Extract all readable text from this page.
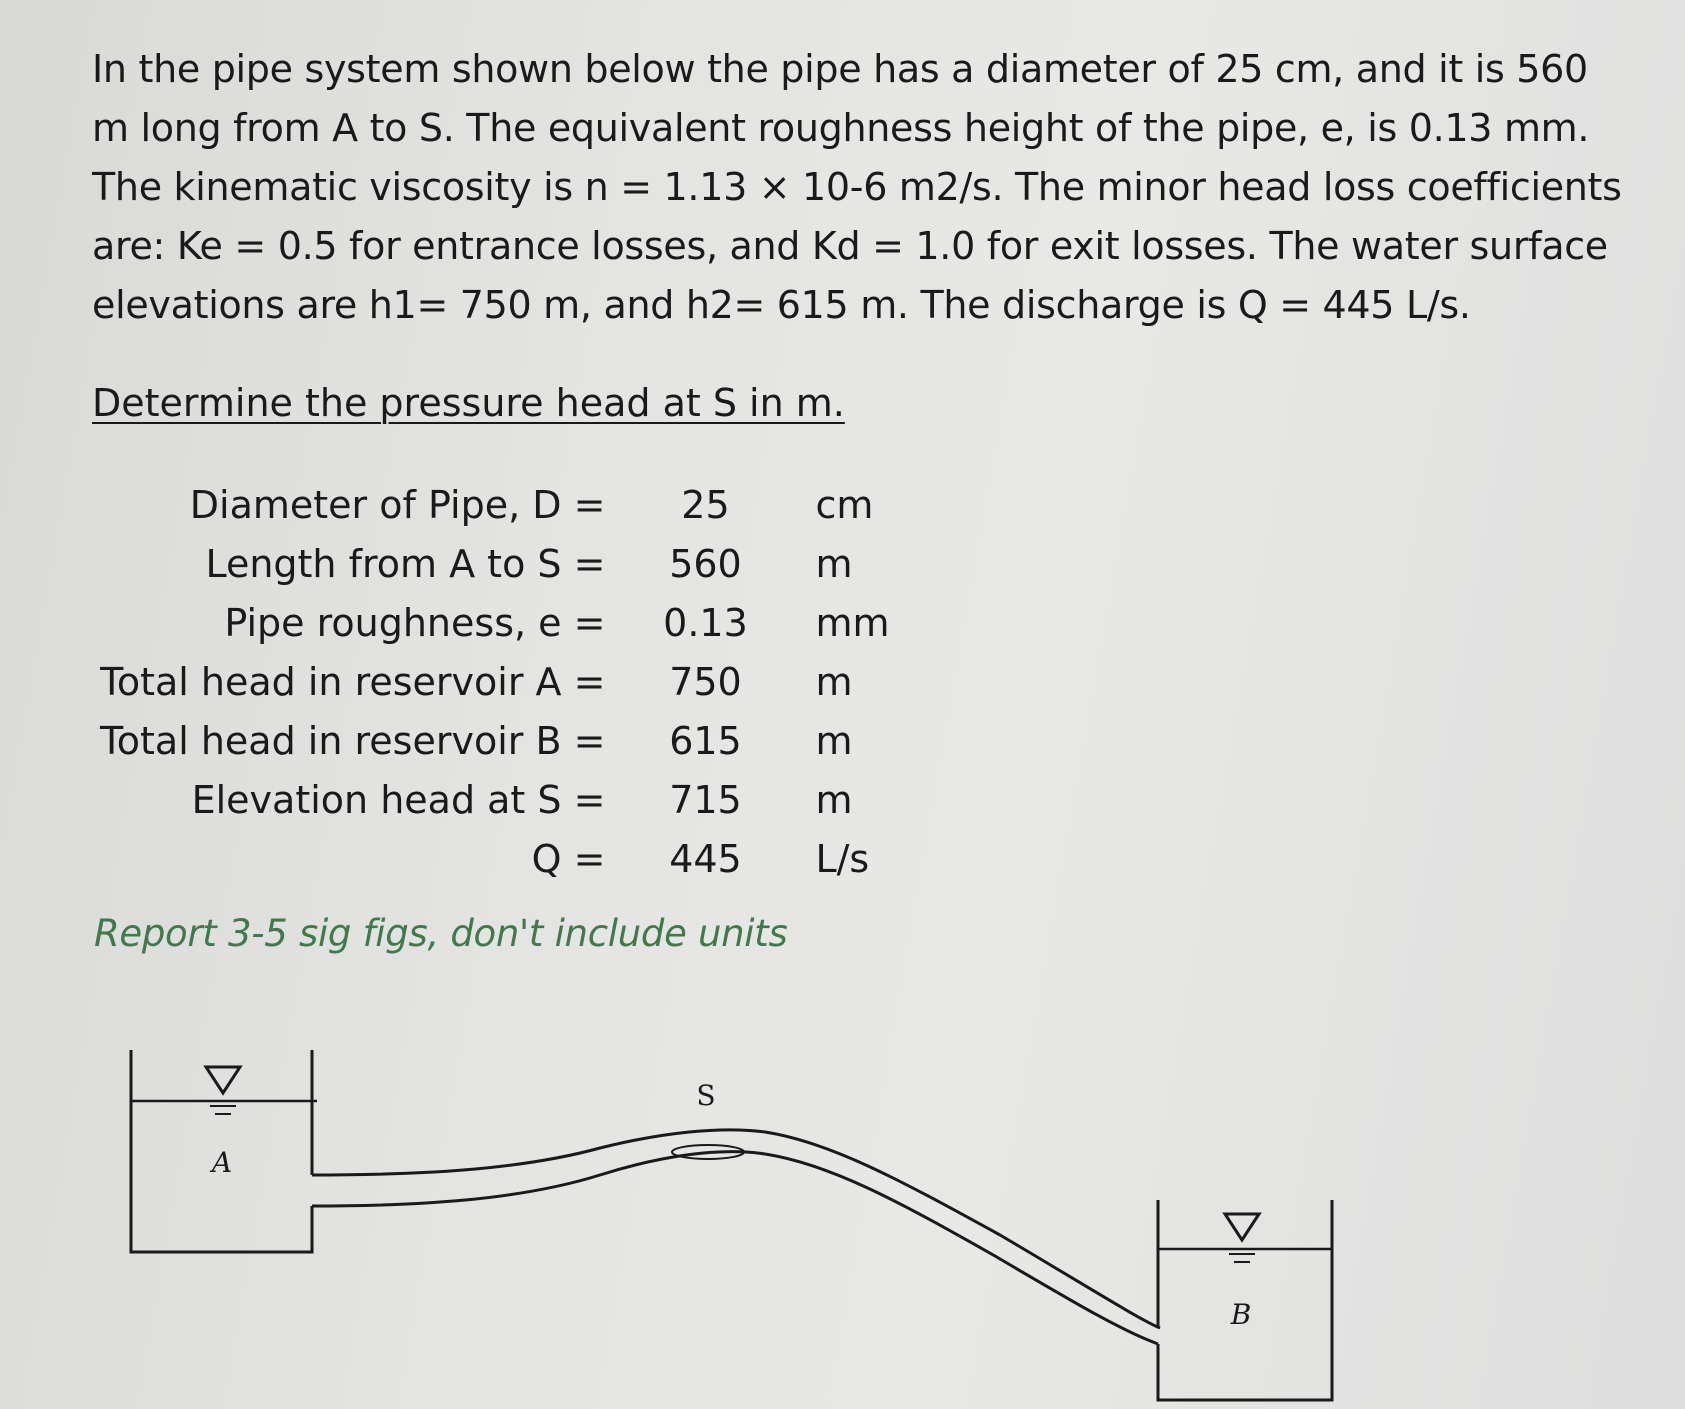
In the pipe system shown below the pipe has a diameter of 25 cm, and it is 560 m long from A to S. The equivalent roughness height of the pipe, e, is 0.13 mm. The kinematic viscosity is n = 1.13 × 10-6 m2/s. The minor head loss coefficients are: Ke = 0.5 for entrance losses, and Kd = 1.0 for exit losses. The water surface elevations are h1= 750 m, and h2= 615 m. The discharge is Q = 445 L/s.

Determine the pressure head at S in m.
Diameter of Pipe, D =	25	cm
Length from A to S =	560	m
Pipe roughness, e =	0.13	mm
Total head in reservoir A =	750	m
Total head in reservoir B =	615	m
Elevation head at S =	715	m
Q =	445	L/s
Report 3-5 sig figs, don't include units
A
S
B
